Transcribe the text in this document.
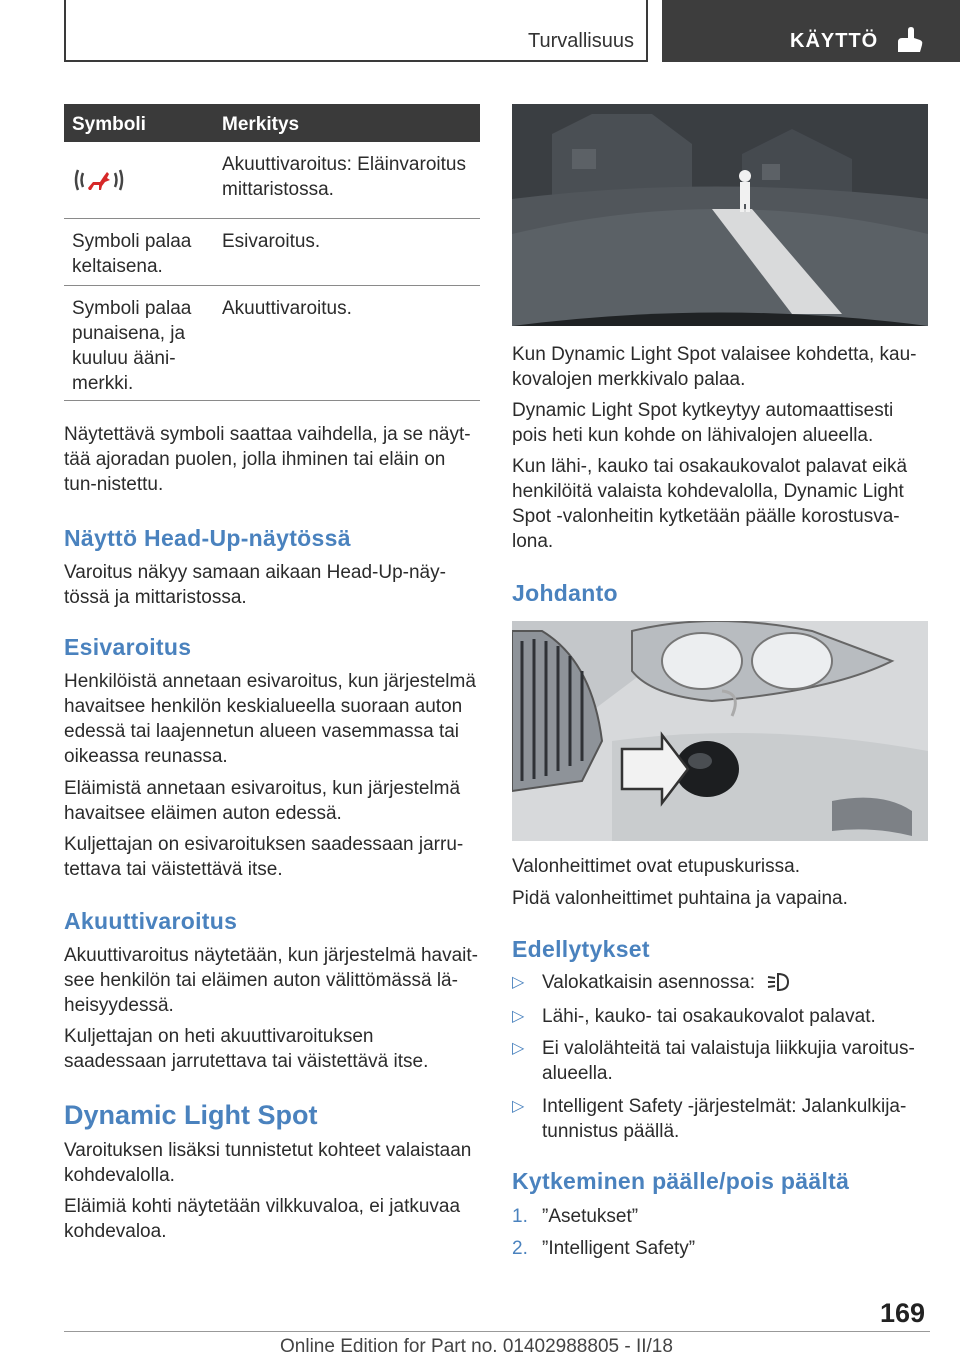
Turvallisuus	KÄYTTÖ
Symboli	Merkitys
Akuuttivaroitus: Eläinvaroitus mittaristossa.
Symboli palaa keltaisena.
Esivaroitus.
Symboli palaa punaisena, ja kuuluu ääni-merkki.
Akuuttivaroitus.
Näytettävä symboli saattaa vaihdella, ja se näyt-tää ajoradan puolen, jolla ihminen tai eläin on tun-nistettu.
Näyttö Head-Up-näytössä
Varoitus näkyy samaan aikaan Head-Up-näy-tössä ja mittaristossa.
Esivaroitus
Henkilöistä annetaan esivaroitus, kun järjestelmä havaitsee henkilön keskialueella suoraan auton edessä tai laajennetun alueen vasemmassa tai oikeassa reunassa.
Eläimistä annetaan esivaroitus, kun järjestelmä havaitsee eläimen auton edessä.
Kuljettajan on esivaroituksen saadessaan jarru-tettava tai väistettävä itse.
Akuuttivaroitus
Akuuttivaroitus näytetään, kun järjestelmä havait-see henkilön tai eläimen auton välittömässä lä-heisyydessä.
Kuljettajan on heti akuuttivaroituksen saadessaan jarrutettava tai väistettävä itse.
Dynamic Light Spot
Varoituksen lisäksi tunnistetut kohteet valaistaan kohdevalolla.
Eläimiä kohti näytetään vilkkuvaloa, ei jatkuvaa kohdevaloa.
Kun Dynamic Light Spot valaisee kohdetta, kau-kovalojen merkkivalo palaa.
Dynamic Light Spot kytkeytyy automaattisesti pois heti kun kohde on lähivalojen alueella.
Kun lähi-, kauko tai osakaukovalot palavat eikä henkilöitä valaista kohdevalolla, Dynamic Light Spot -valonheitin kytketään päälle korostusva-lona.
Johdanto
Valonheittimet ovat etupuskurissa.
Pidä valonheittimet puhtaina ja vapaina.
Edellytykset
▷ Valokatkaisin asennossa:
▷ Lähi-, kauko- tai osakaukovalot palavat.
▷ Ei valolähteitä tai valaistuja liikkujia varoitus-alueella.
▷ Intelligent Safety -järjestelmät: Jalankulkija-tunnistus päällä.
Kytkeminen päälle/pois päältä
1. ”Asetukset”
2. ”Intelligent Safety”
169
Online Edition for Part no. 01402988805 - II/18
